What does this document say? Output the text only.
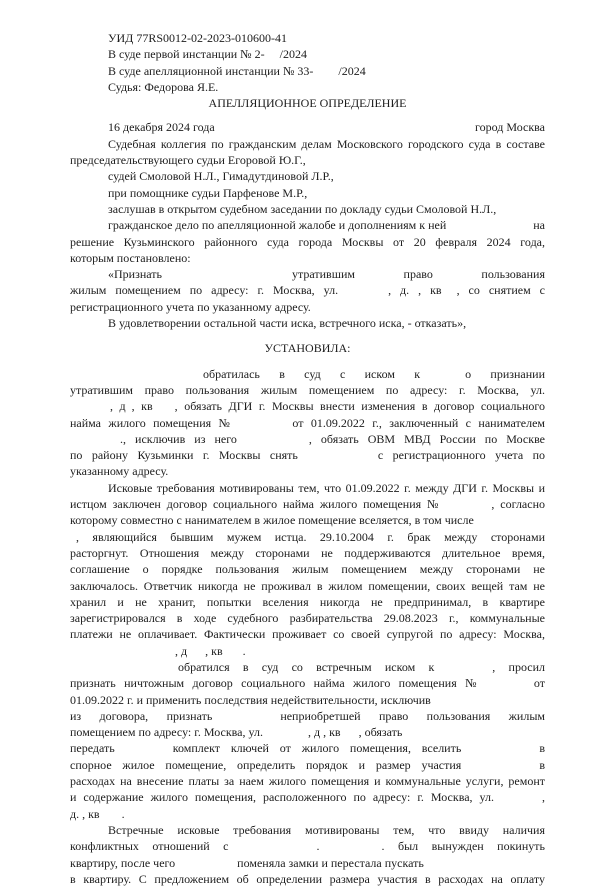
УИД 77RS0012-02-2023-010600-41
В суде первой инстанции № 2- /2024
В суде апелляционной инстанции № 33- /2024
Судья: Федорова Я.Е.
АПЕЛЛЯЦИОННОЕ ОПРЕДЕЛЕНИЕ
16 декабря 2024 года	город Москва
Судебная коллегия по гражданским делам Московского городского суда в составе
председательствующего судьи Егоровой Ю.Г.,
судей Смоловой Н.Л., Гимадутдиновой Л.Р.,
при помощнике судьи Парфенове М.Р.,
заслушав в открытом судебном заседании по докладу судьи Смоловой Н.Л.,
гражданское дело по апелляционной жалобе и дополнениям к ней	на
решение Кузьминского районного суда города Москвы от 20 февраля 2024 года,
которым постановлено:
«Признать	утратившим право пользования
жилым помещением по адресу: г. Москва, ул.	, д. , кв , со снятием с
регистрационного учета по указанному адресу.
В удовлетворении остальной части иска, встречного иска, - отказать»,
УСТАНОВИЛА:
обратилась в суд с иском к	о признании
утратившим право пользования жилым помещением по адресу: г. Москва, ул.
, д , кв , обязать ДГИ г. Москвы внести изменения в договор социального
найма жилого помещения №	от 01.09.2022 г., заключенный с нанимателем
., исключив из него	, обязать ОВМ МВД России по Москве
по району Кузьминки г. Москвы снять	с регистрационного учета по
указанному адресу.
Исковые требования мотивированы тем, что 01.09.2022 г. между ДГИ г. Москвы и
истцом заключен договор социального найма жилого помещения №	, согласно
которому совместно с нанимателем в жилое помещение вселяется, в том числе
, являющийся бывшим мужем истца. 29.10.2004 г. брак между сторонами
расторгнут. Отношения между сторонами не поддерживаются длительное время,
соглашение о порядке пользования жилым помещением между сторонами не
заключалось. Ответчик никогда не проживал в жилом помещении, своих вещей там не
хранил и не хранит, попытки вселения никогда не предпринимал, в квартире
зарегистрировался в ходе судебного разбирательства 29.08.2023 г., коммунальные
платежи не оплачивает. Фактически проживает со своей супругой по адресу: Москва,
, д , кв .
обратился в суд со встречным иском к	, просил
признать ничтожным договор социального найма жилого помещения №	от
01.09.2022 г. и применить последствия недействительности, исключив
из договора, признать	неприобретшей право пользования жилым
помещением по адресу: г. Москва, ул.	, д , кв , обязать
передать	комплект ключей от жилого помещения, вселить	в
спорное жилое помещение, определить порядок и размер участия	в
расходах на внесение платы за наем жилого помещения и коммунальные услуги, ремонт
и содержание жилого помещения, расположенного по адресу: г. Москва, ул.	,
д. , кв .
Встречные исковые требования мотивированы тем, что ввиду наличия
конфликтных отношений с	.	. был вынужден покинуть
квартиру, после чего	поменяла замки и перестала пускать
в квартиру. С предложением об определении размера участия в расходах на оплату
